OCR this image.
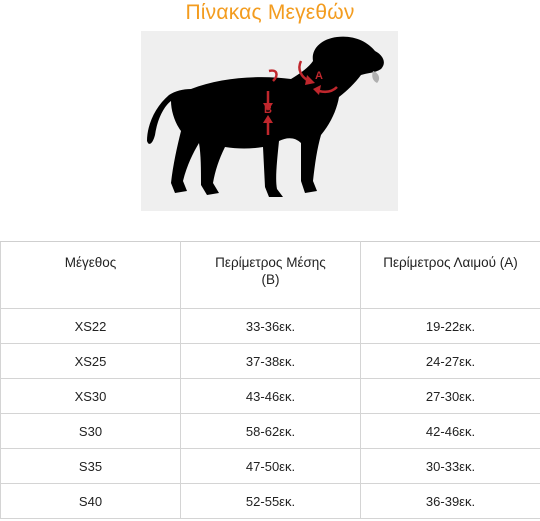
Πίνακας Μεγεθών
B
A
Μέγεθος	Περίμετρος Μέσης (Β)	Περίμετρος Λαιμού (Α)
XS22	33-36εκ.	19-22εκ.
XS25	37-38εκ.	24-27εκ.
XS30	43-46εκ.	27-30εκ.
S30	58-62εκ.	42-46εκ.
S35	47-50εκ.	30-33εκ.
S40	52-55εκ.	36-39εκ.
